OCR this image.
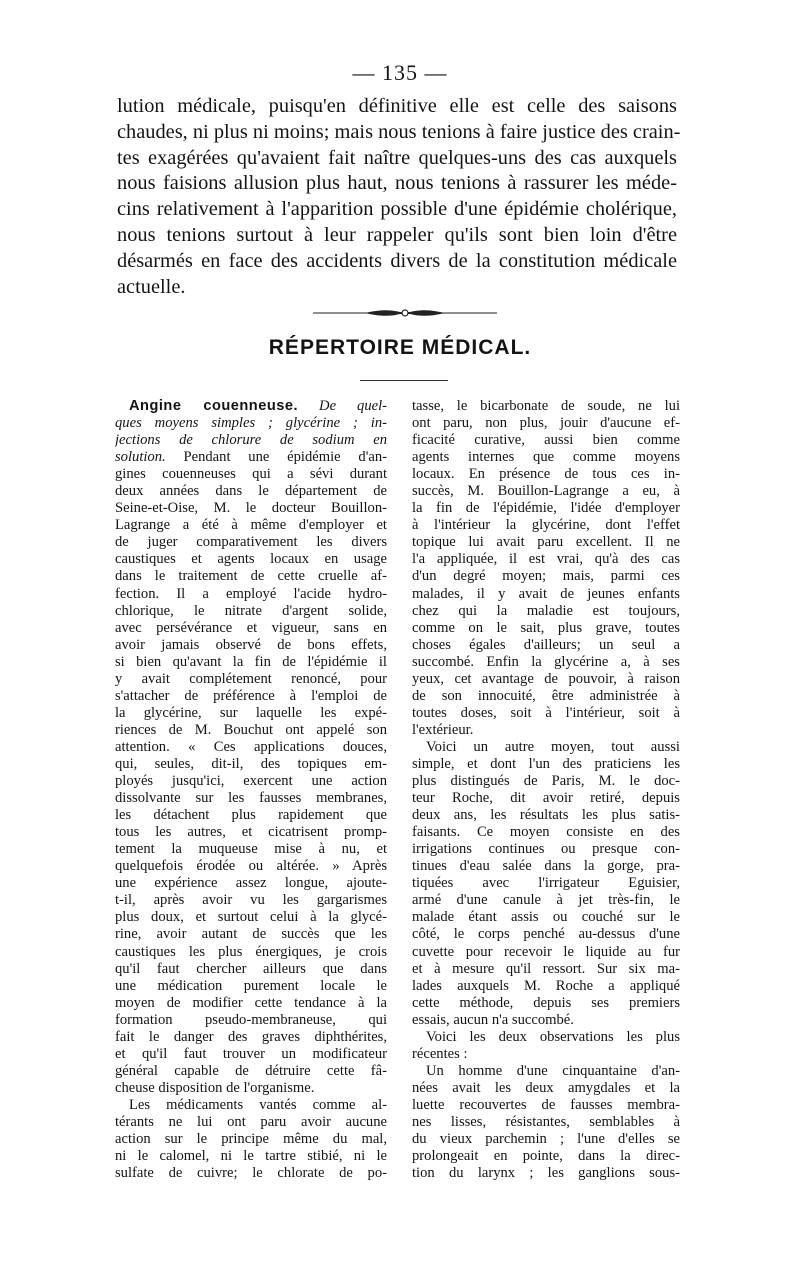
— 135 —
lution médicale, puisqu'en définitive elle est celle des saisons
chaudes, ni plus ni moins; mais nous tenions à faire justice des crain-
tes exagérées qu'avaient fait naître quelques-uns des cas auxquels
nous faisions allusion plus haut, nous tenions à rassurer les méde-
cins relativement à l'apparition possible d'une épidémie cholérique,
nous tenions surtout à leur rappeler qu'ils sont bien loin d'être
désarmés en face des accidents divers de la constitution médicale
actuelle.
RÉPERTOIRE MÉDICAL.
Angine couenneuse. De quel-
ques moyens simples ; glycérine ; in-
jections de chlorure de sodium en
solution. Pendant une épidémie d'an-
gines couenneuses qui a sévi durant
deux années dans le département de
Seine-et-Oise, M. le docteur Bouillon-
Lagrange a été à même d'employer et
de juger comparativement les divers
caustiques et agents locaux en usage
dans le traitement de cette cruelle af-
fection. Il a employé l'acide hydro-
chlorique, le nitrate d'argent solide,
avec persévérance et vigueur, sans en
avoir jamais observé de bons effets,
si bien qu'avant la fin de l'épidémie il
y avait complétement renoncé, pour
s'attacher de préférence à l'emploi de
la glycérine, sur laquelle les expé-
riences de M. Bouchut ont appelé son
attention. « Ces applications douces,
qui, seules, dit-il, des topiques em-
ployés jusqu'ici, exercent une action
dissolvante sur les fausses membranes,
les détachent plus rapidement que
tous les autres, et cicatrisent promp-
tement la muqueuse mise à nu, et
quelquefois érodée ou altérée. » Après
une expérience assez longue, ajoute-
t-il, après avoir vu les gargarismes
plus doux, et surtout celui à la glycé-
rine, avoir autant de succès que les
caustiques les plus énergiques, je crois
qu'il faut chercher ailleurs que dans
une médication purement locale le
moyen de modifier cette tendance à la
formation pseudo-membraneuse, qui
fait le danger des graves diphthérites,
et qu'il faut trouver un modificateur
général capable de détruire cette fâ-
cheuse disposition de l'organisme.
Les médicaments vantés comme al-
térants ne lui ont paru avoir aucune
action sur le principe même du mal,
ni le calomel, ni le tartre stibié, ni le
sulfate de cuivre; le chlorate de po-
tasse, le bicarbonate de soude, ne lui
ont paru, non plus, jouir d'aucune ef-
ficacité curative, aussi bien comme
agents internes que comme moyens
locaux. En présence de tous ces in-
succès, M. Bouillon-Lagrange a eu, à
la fin de l'épidémie, l'idée d'employer
à l'intérieur la glycérine, dont l'effet
topique lui avait paru excellent. Il ne
l'a appliquée, il est vrai, qu'à des cas
d'un degré moyen; mais, parmi ces
malades, il y avait de jeunes enfants
chez qui la maladie est toujours,
comme on le sait, plus grave, toutes
choses égales d'ailleurs; un seul a
succombé. Enfin la glycérine a, à ses
yeux, cet avantage de pouvoir, à raison
de son innocuité, être administrée à
toutes doses, soit à l'intérieur, soit à
l'extérieur.
Voici un autre moyen, tout aussi
simple, et dont l'un des praticiens les
plus distingués de Paris, M. le doc-
teur Roche, dit avoir retiré, depuis
deux ans, les résultats les plus satis-
faisants. Ce moyen consiste en des
irrigations continues ou presque con-
tinues d'eau salée dans la gorge, pra-
tiquées avec l'irrigateur Eguisier,
armé d'une canule à jet très-fin, le
malade étant assis ou couché sur le
côté, le corps penché au-dessus d'une
cuvette pour recevoir le liquide au fur
et à mesure qu'il ressort. Sur six ma-
lades auxquels M. Roche a appliqué
cette méthode, depuis ses premiers
essais, aucun n'a succombé.
Voici les deux observations les plus
récentes :
Un homme d'une cinquantaine d'an-
nées avait les deux amygdales et la
luette recouvertes de fausses membra-
nes lisses, résistantes, semblables à
du vieux parchemin ; l'une d'elles se
prolongeait en pointe, dans la direc-
tion du larynx ; les ganglions sous-
